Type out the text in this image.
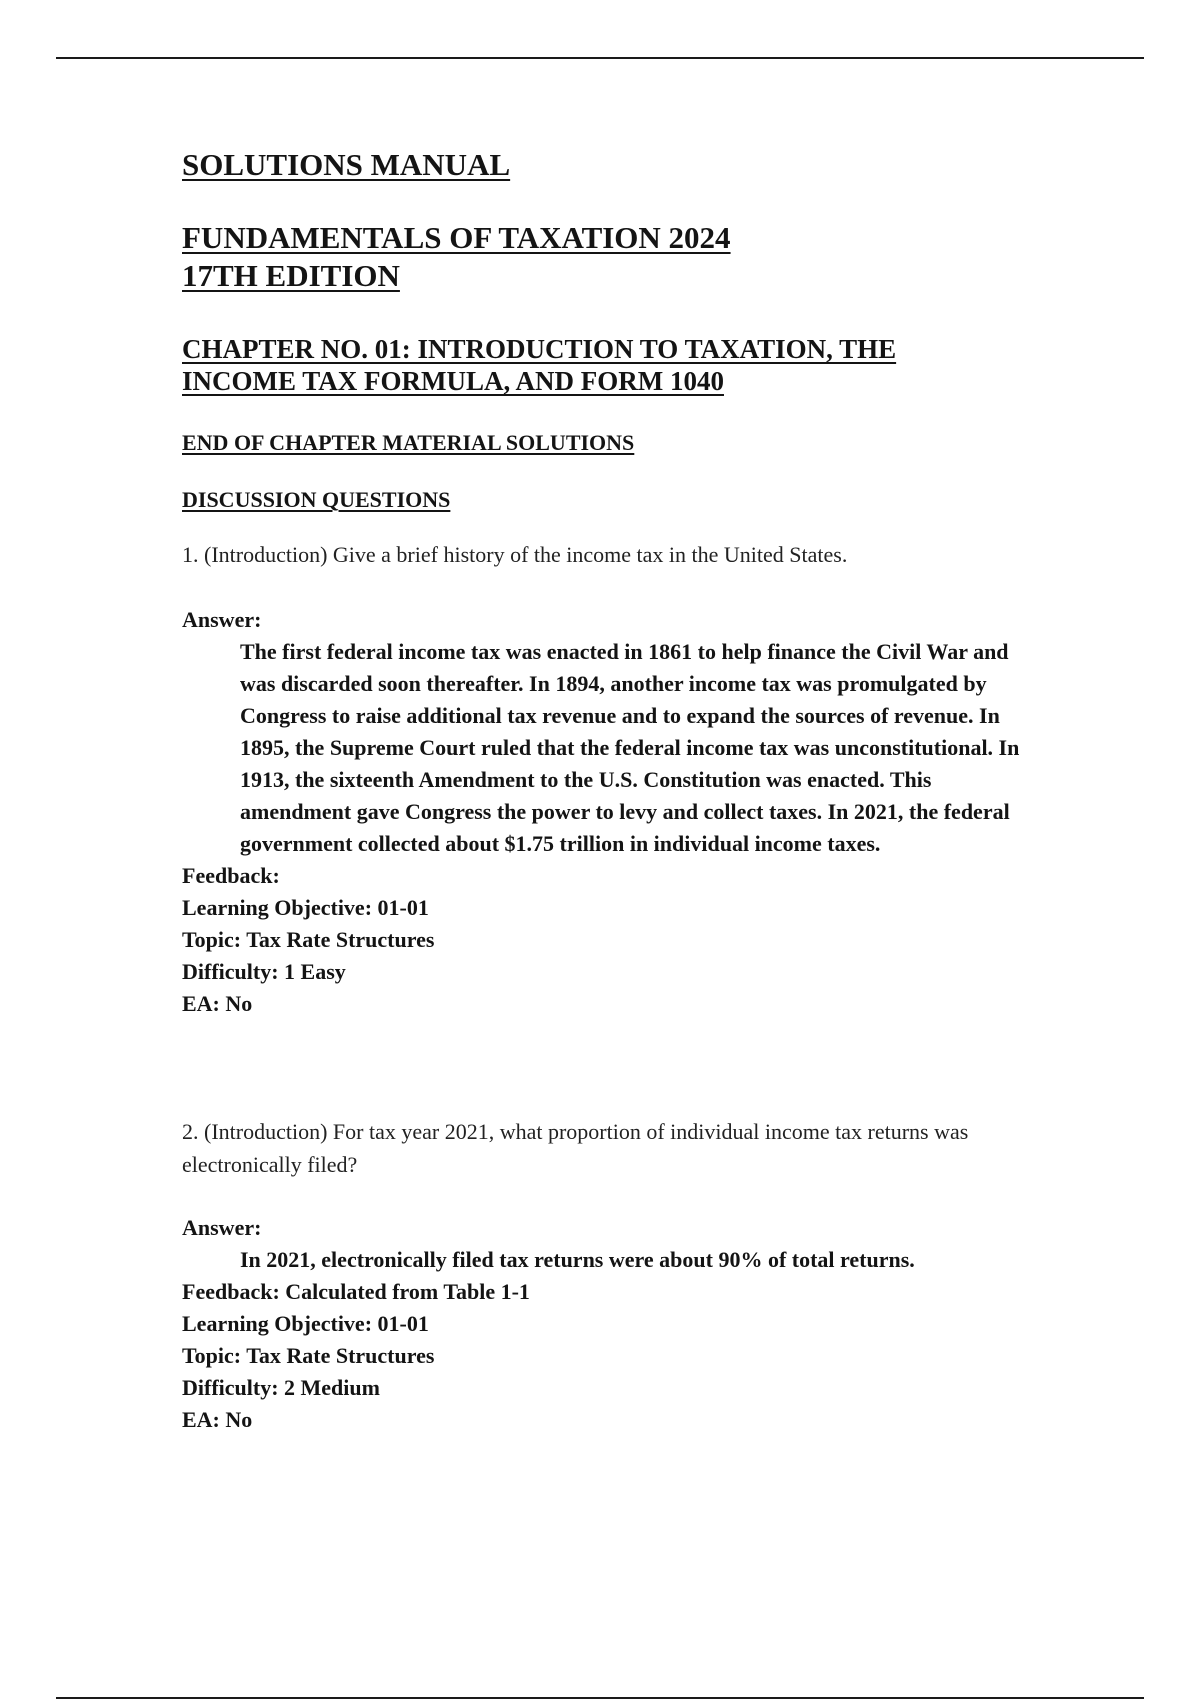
SOLUTIONS MANUAL
FUNDAMENTALS OF TAXATION 2024
17TH EDITION
CHAPTER NO. 01: INTRODUCTION TO TAXATION, THE
INCOME TAX FORMULA, AND FORM 1040
END OF CHAPTER MATERIAL SOLUTIONS
DISCUSSION QUESTIONS

1. (Introduction) Give a brief history of the income tax in the United States.

Answer:
The first federal income tax was enacted in 1861 to help finance the Civil War and was discarded soon thereafter. In 1894, another income tax was promulgated by Congress to raise additional tax revenue and to expand the sources of revenue. In 1895, the Supreme Court ruled that the federal income tax was unconstitutional. In 1913, the sixteenth Amendment to the U.S. Constitution was enacted. This amendment gave Congress the power to levy and collect taxes. In 2021, the federal government collected about $1.75 trillion in individual income taxes.
Feedback:
Learning Objective: 01-01
Topic: Tax Rate Structures
Difficulty: 1 Easy
EA: No

2. (Introduction) For tax year 2021, what proportion of individual income tax returns was electronically filed?

Answer:
In 2021, electronically filed tax returns were about 90% of total returns.
Feedback: Calculated from Table 1-1
Learning Objective: 01-01
Topic: Tax Rate Structures
Difficulty: 2 Medium
EA: No
